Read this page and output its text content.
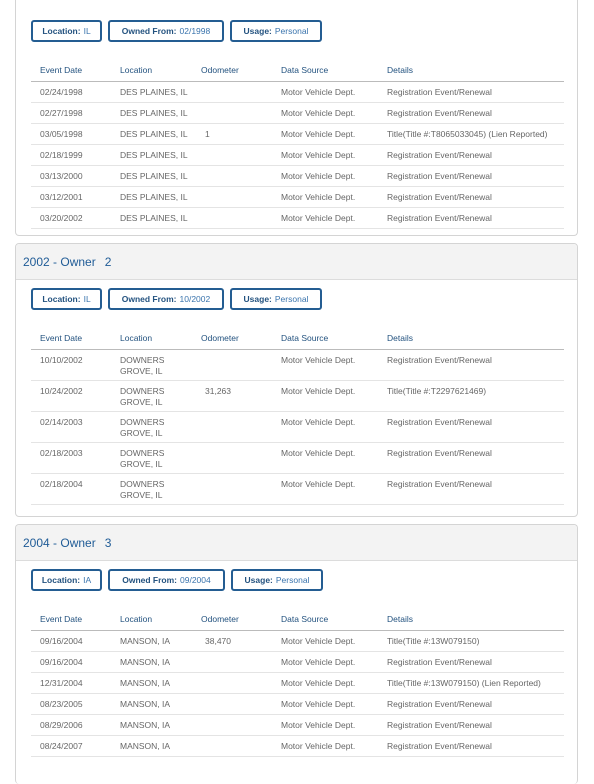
Location: IL	Owned From: 02/1998	Usage: Personal
Event Date	Location	Odometer	Data Source	Details
02/24/1998	DES PLAINES, IL		Motor Vehicle Dept.	Registration Event/Renewal
02/27/1998	DES PLAINES, IL		Motor Vehicle Dept.	Registration Event/Renewal
03/05/1998	DES PLAINES, IL	1	Motor Vehicle Dept.	Title(Title #:T8065033045) (Lien Reported)
02/18/1999	DES PLAINES, IL		Motor Vehicle Dept.	Registration Event/Renewal
03/13/2000	DES PLAINES, IL		Motor Vehicle Dept.	Registration Event/Renewal
03/12/2001	DES PLAINES, IL		Motor Vehicle Dept.	Registration Event/Renewal
03/20/2002	DES PLAINES, IL		Motor Vehicle Dept.	Registration Event/Renewal
2002 - Owner 2
Location: IL	Owned From: 10/2002	Usage: Personal
Event Date	Location	Odometer	Data Source	Details

10/10/2002	DOWNERS
GROVE, IL		Motor Vehicle Dept.	Registration Event/Renewal

10/24/2002	DOWNERS
GROVE, IL	31,263	Motor Vehicle Dept.	Title(Title #:T2297621469)

02/14/2003	DOWNERS
GROVE, IL		Motor Vehicle Dept.	Registration Event/Renewal

02/18/2003	DOWNERS
GROVE, IL		Motor Vehicle Dept.	Registration Event/Renewal

02/18/2004	DOWNERS
GROVE, IL		Motor Vehicle Dept.	Registration Event/Renewal
2004 - Owner 3
Location: IA	Owned From: 09/2004	Usage: Personal
Event Date	Location	Odometer	Data Source	Details
09/16/2004	MANSON, IA	38,470	Motor Vehicle Dept.	Title(Title #:13W079150)
09/16/2004	MANSON, IA		Motor Vehicle Dept.	Registration Event/Renewal
12/31/2004	MANSON, IA		Motor Vehicle Dept.	Title(Title #:13W079150) (Lien Reported)
08/23/2005	MANSON, IA		Motor Vehicle Dept.	Registration Event/Renewal
08/29/2006	MANSON, IA		Motor Vehicle Dept.	Registration Event/Renewal
08/24/2007	MANSON, IA		Motor Vehicle Dept.	Registration Event/Renewal
